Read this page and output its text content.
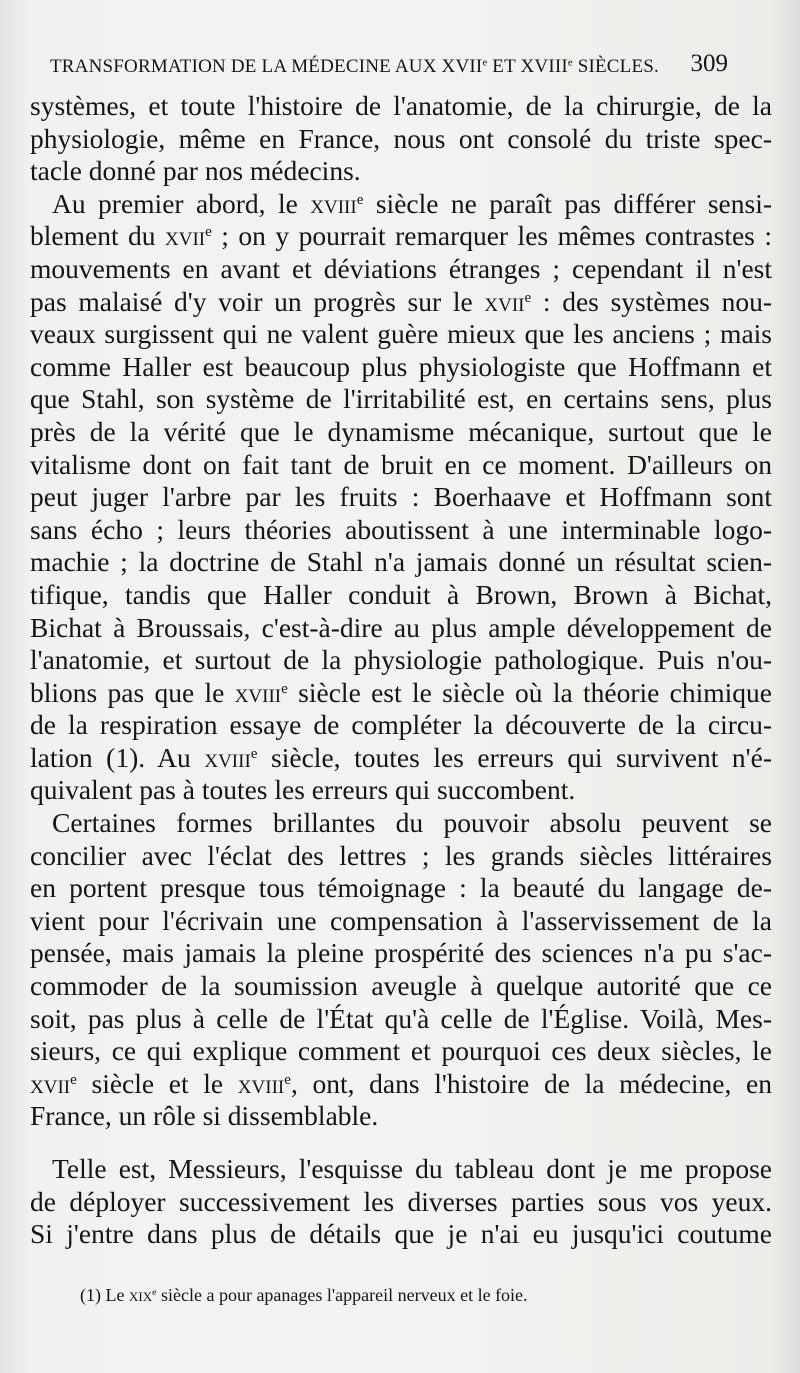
TRANSFORMATION DE LA MÉDECINE AUX XVIIe ET XVIIIe SIÈCLES. 309
systèmes, et toute l'histoire de l'anatomie, de la chirurgie, de la
physiologie, même en France, nous ont consolé du triste spec-
tacle donné par nos médecins.
Au premier abord, le xviii$^e$ siècle ne paraît pas différer sensi-
blement du xvii$^e$ ; on y pourrait remarquer les mêmes contrastes :
mouvements en avant et déviations étranges ; cependant il n'est
pas malaisé d'y voir un progrès sur le xvii$^e$ : des systèmes nou-
veaux surgissent qui ne valent guère mieux que les anciens ; mais
comme Haller est beaucoup plus physiologiste que Hoffmann et
que Stahl, son système de l'irritabilité est, en certains sens, plus
près de la vérité que le dynamisme mécanique, surtout que le
vitalisme dont on fait tant de bruit en ce moment. D'ailleurs on
peut juger l'arbre par les fruits : Boerhaave et Hoffmann sont
sans écho ; leurs théories aboutissent à une interminable logo-
machie ; la doctrine de Stahl n'a jamais donné un résultat scien-
tifique, tandis que Haller conduit à Brown, Brown à Bichat,
Bichat à Broussais, c'est-à-dire au plus ample développement de
l'anatomie, et surtout de la physiologie pathologique. Puis n'ou-
blions pas que le xviii$^e$ siècle est le siècle où la théorie chimique
de la respiration essaye de compléter la découverte de la circu-
lation (1). Au xviii$^e$ siècle, toutes les erreurs qui survivent n'é-
quivalent pas à toutes les erreurs qui succombent.
Certaines formes brillantes du pouvoir absolu peuvent se
concilier avec l'éclat des lettres ; les grands siècles littéraires
en portent presque tous témoignage : la beauté du langage de-
vient pour l'écrivain une compensation à l'asservissement de la
pensée, mais jamais la pleine prospérité des sciences n'a pu s'ac-
commoder de la soumission aveugle à quelque autorité que ce
soit, pas plus à celle de l'État qu'à celle de l'Église. Voilà, Mes-
sieurs, ce qui explique comment et pourquoi ces deux siècles, le
xvii$^e$ siècle et le xviii$^e$, ont, dans l'histoire de la médecine, en
France, un rôle si dissemblable.
Telle est, Messieurs, l'esquisse du tableau dont je me propose
de déployer successivement les diverses parties sous vos yeux.
Si j'entre dans plus de détails que je n'ai eu jusqu'ici coutume
(1) Le xix$^e$ siècle a pour apanages l'appareil nerveux et le foie.
